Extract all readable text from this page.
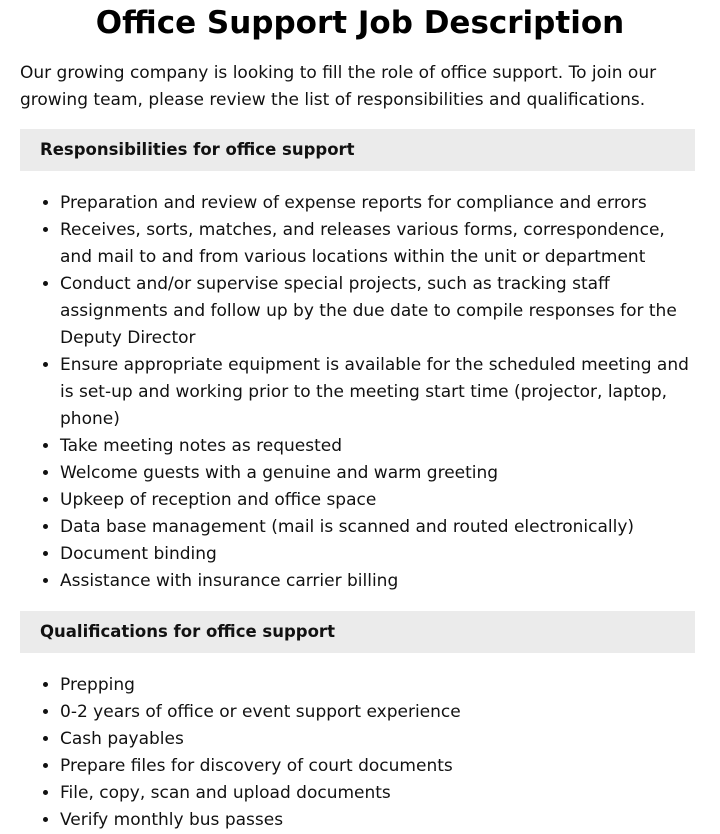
Office Support Job Description

Our growing company is looking to fill the role of office support. To join our growing team, please review the list of responsibilities and qualifications.

Responsibilities for office support
• Preparation and review of expense reports for compliance and errors
• Receives, sorts, matches, and releases various forms, correspondence, and mail to and from various locations within the unit or department
• Conduct and/or supervise special projects, such as tracking staff assignments and follow up by the due date to compile responses for the Deputy Director
• Ensure appropriate equipment is available for the scheduled meeting and is set-up and working prior to the meeting start time (projector, laptop, phone)
• Take meeting notes as requested
• Welcome guests with a genuine and warm greeting
• Upkeep of reception and office space
• Data base management (mail is scanned and routed electronically)
• Document binding
• Assistance with insurance carrier billing
Qualifications for office support
• Prepping
• 0-2 years of office or event support experience
• Cash payables
• Prepare files for discovery of court documents
• File, copy, scan and upload documents
• Verify monthly bus passes
